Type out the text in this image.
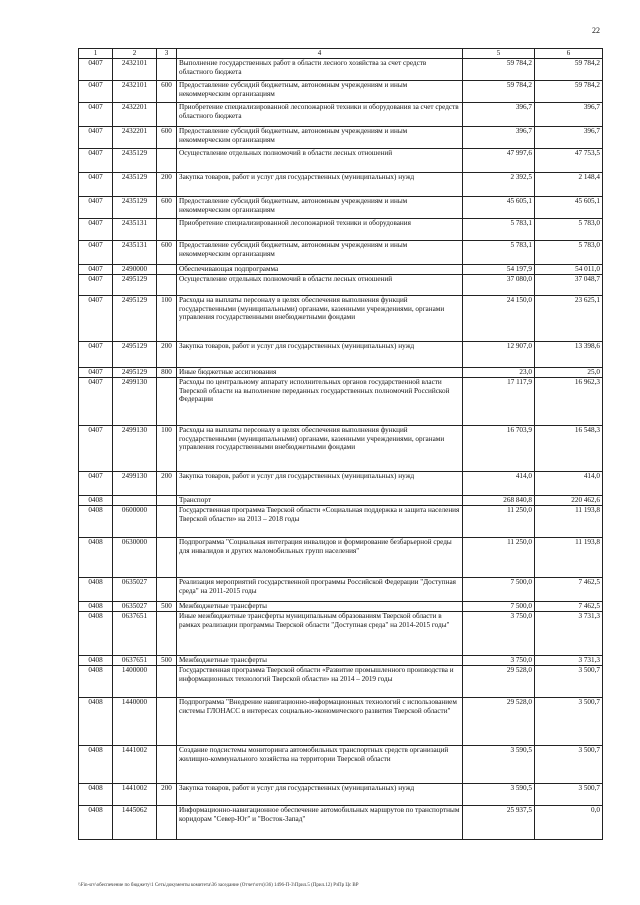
22
1	2	3	4	5	6
0407	2432101		Выполнение государственных работ в области лесного хозяйства за счет средств областного бюджета	59 784,2	59 784,2
0407	2432101	600	Предоставление субсидий бюджетным, автономным учреждениям и иным некоммерческим организациям	59 784,2	59 784,2
0407	2432201		Приобретение специализированной лесопожарной техники и оборудования за счет средств областного бюджета	396,7	396,7
0407	2432201	600	Предоставление субсидий бюджетным, автономным учреждениям и иным некоммерческим организациям	396,7	396,7
0407	2435129		Осуществление отдельных полномочий в области лесных отношений	47 997,6	47 753,5
0407	2435129	200	Закупка товаров, работ и услуг для государственных (муниципальных) нужд	2 392,5	2 148,4
0407	2435129	600	Предоставление субсидий бюджетным, автономным учреждениям и иным некоммерческим организациям	45 605,1	45 605,1
0407	2435131		Приобретение специализированной лесопожарной техники и оборудования	5 783,1	5 783,0
0407	2435131	600	Предоставление субсидий бюджетным, автономным учреждениям и иным некоммерческим организациям	5 783,1	5 783,0
0407	2490000		Обеспечивающая подпрограмма	54 197,9	54 011,0
0407	2495129		Осуществление отдельных полномочий в области лесных отношений	37 080,0	37 048,7
0407	2495129	100	Расходы на выплаты персоналу в целях обеспечения выполнения функций государственными (муниципальными) органами, казенными учреждениями, органами управления государственными внебюджетными фондами	24 150,0	23 625,1
0407	2495129	200	Закупка товаров, работ и услуг для государственных (муниципальных) нужд	12 907,0	13 398,6
0407	2495129	800	Иные бюджетные ассигнования	23,0	25,0
0407	2499130		Расходы по центральному аппарату исполнительных органов государственной власти Тверской области на выполнение переданных государственных полномочий Российской Федерации	17 117,9	16 962,3
0407	2499130	100	Расходы на выплаты персоналу в целях обеспечения выполнения функций государственными (муниципальными) органами, казенными учреждениями, органами управления государственными внебюджетными фондами	16 703,9	16 548,3
0407	2499130	200	Закупка товаров, работ и услуг для государственных (муниципальных) нужд	414,0	414,0
0408			Транспорт	268 840,8	220 462,6
0408	0600000		Государственная программа Тверской области «Социальная поддержка и защита населения Тверской области» на 2013 – 2018 годы	11 250,0	11 193,8
0408	0630000		Подпрограмма "Социальная интеграция инвалидов и формирование безбарьерной среды для инвалидов и других маломобильных групп населения"	11 250,0	11 193,8
0408	0635027		Реализация мероприятий государственной программы Российской Федерации "Доступная среда" на 2011-2015 годы	7 500,0	7 462,5
0408	0635027	500	Межбюджетные трансферты	7 500,0	7 462,5
0408	0637651		Иные межбюджетные трансферты муниципальным образованиям Тверской области в рамках реализации программы Тверской области "Доступная среда" на 2014-2015 годы"	3 750,0	3 731,3
0408	0637651	500	Межбюджетные трансферты	3 750,0	3 731,3
0408	1400000		Государственная программа Тверской области «Развитие промышленного производства и информационных технологий Тверской области» на 2014 – 2019 годы	29 528,0	3 500,7
0408	1440000		Подпрограмма "Внедрение навигационно-информационных технологий с использованием системы ГЛОНАСС в интересах социально-экономического развития Тверской области"	29 528,0	3 500,7
0408	1441002		Создание подсистемы мониторинга автомобильных транспортных средств организаций жилищно-коммунального хозяйства на территории Тверской области	3 590,5	3 500,7
0408	1441002	200	Закупка товаров, работ и услуг для государственных (муниципальных) нужд	3 590,5	3 500,7
0408	1445062		Информационно-навигационное обеспечение автомобильных маршрутов по транспортным коридорам "Север-Юг" и "Восток-Запад"	25 937,5	0,0
\\Fin-srv\обеспечение по бюджету\1 Сеть\документы комитета\36 заседание (Отчет\отч)\36) 1496-П-3\Прил.5 (Прил.12) РзПр Цс ВР
